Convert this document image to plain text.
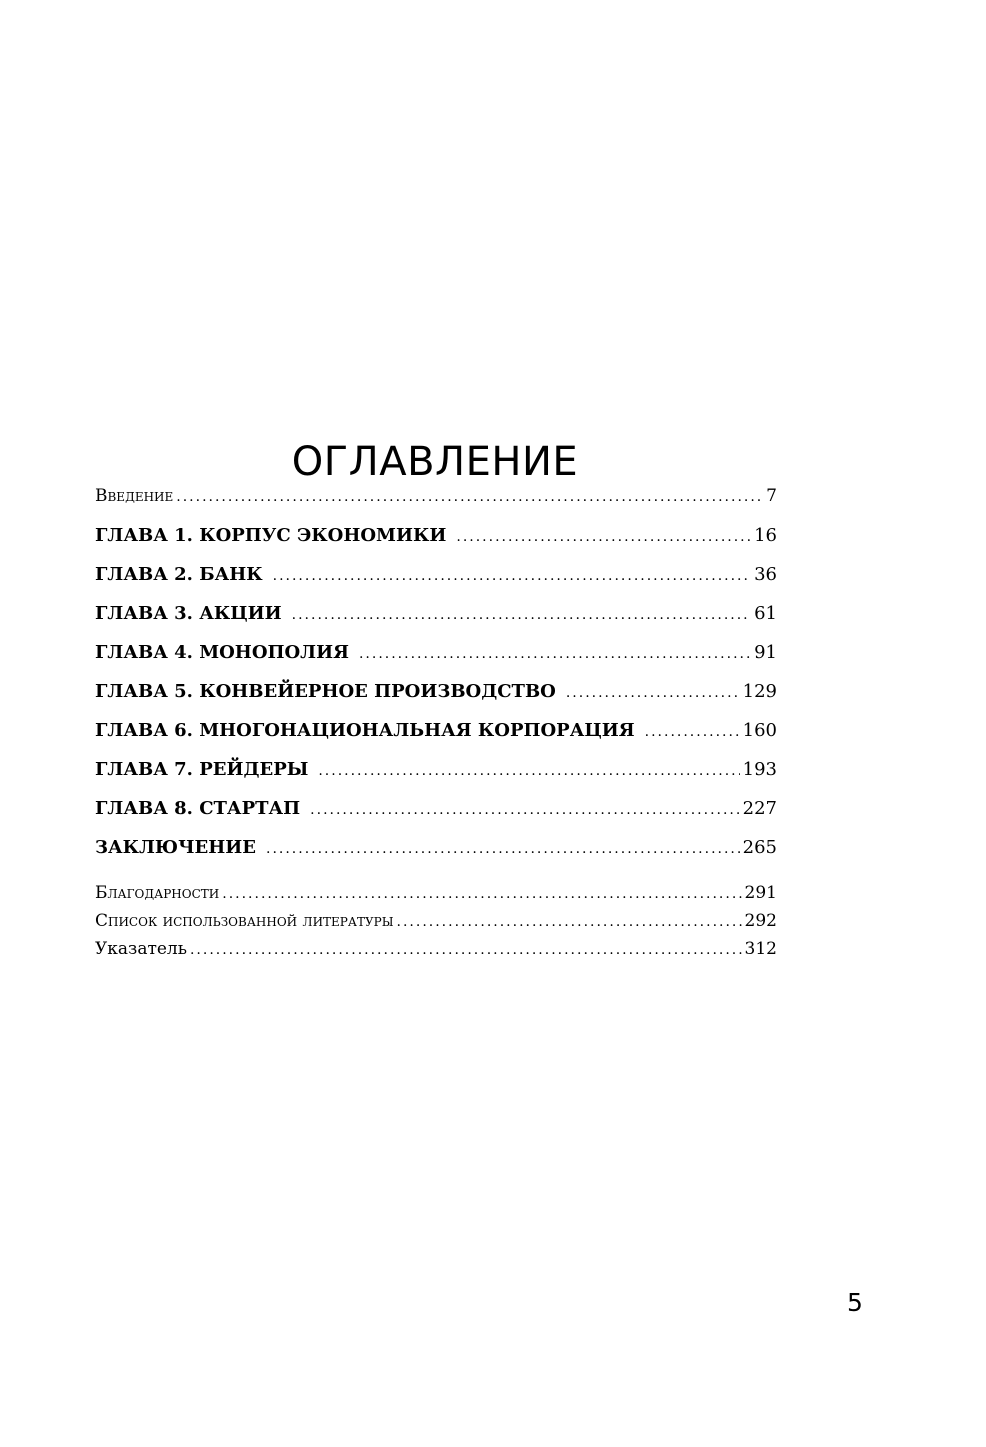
ОГЛАВЛЕНИЕ
Введение .....	7
ГЛАВА 1. КОРПУС ЭКОНОМИКИ .....	16
ГЛАВА 2. БАНК .....	36
ГЛАВА 3. АКЦИИ .....	61
ГЛАВА 4. МОНОПОЛИЯ .....	91
ГЛАВА 5. КОНВЕЙЕРНОЕ ПРОИЗВОДСТВО .....	129
ГЛАВА 6. МНОГОНАЦИОНАЛЬНАЯ КОРПОРАЦИЯ .....	160
ГЛАВА 7. РЕЙДЕРЫ .....	193
ГЛАВА 8. СТАРТАП .....	227
ЗАКЛЮЧЕНИЕ .....	265
Благодарности .....	291
Список использованной литературы .....	292
Указатель .....	312
5
